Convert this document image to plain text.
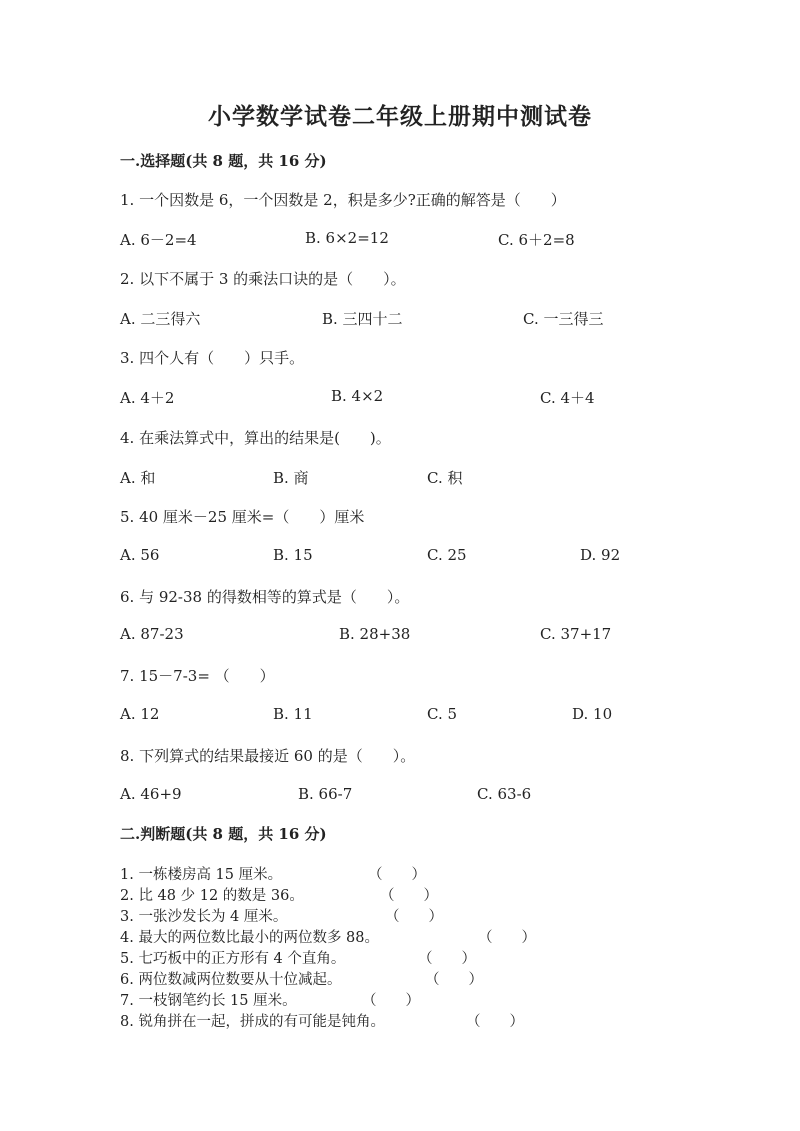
小学数学试卷二年级上册期中测试卷
一.选择题(共 8 题，共 16 分)
1. 一个因数是 6，一个因数是 2，积是多少?正确的解答是（　　）
A. 6－2=4	B. 6×2=12	C. 6＋2=8
2. 以下不属于 3 的乘法口诀的是（　　）。
A. 二三得六	B. 三四十二	C. 一三得三
3. 四个人有（　　）只手。
A. 4＋2	B. 4×2	C. 4＋4
4. 在乘法算式中，算出的结果是(　　)。
A. 和	B. 商	C. 积
5. 40 厘米－25 厘米=（　　）厘米
A. 56	B. 15	C. 25	D. 92
6. 与 92-38 的得数相等的算式是（　　）。
A. 87-23	B. 28+38	C. 37+17
7. 15－7-3= （　　）
A. 12	B. 11	C. 5	D. 10
8. 下列算式的结果最接近 60 的是（　　）。
A. 46+9	B. 66-7	C. 63-6
二.判断题(共 8 题，共 16 分)
1. 一栋楼房高 15 厘米。	（　　）
2. 比 48 少 12 的数是 36。	（　　）
3. 一张沙发长为 4 厘米。	（　　）
4. 最大的两位数比最小的两位数多 88。	（　　）
5. 七巧板中的正方形有 4 个直角。	（　　）
6. 两位数减两位数要从十位减起。	（　　）
7. 一枝钢笔约长 15 厘米。	（　　）
8. 锐角拼在一起，拼成的有可能是钝角。	（　　）
